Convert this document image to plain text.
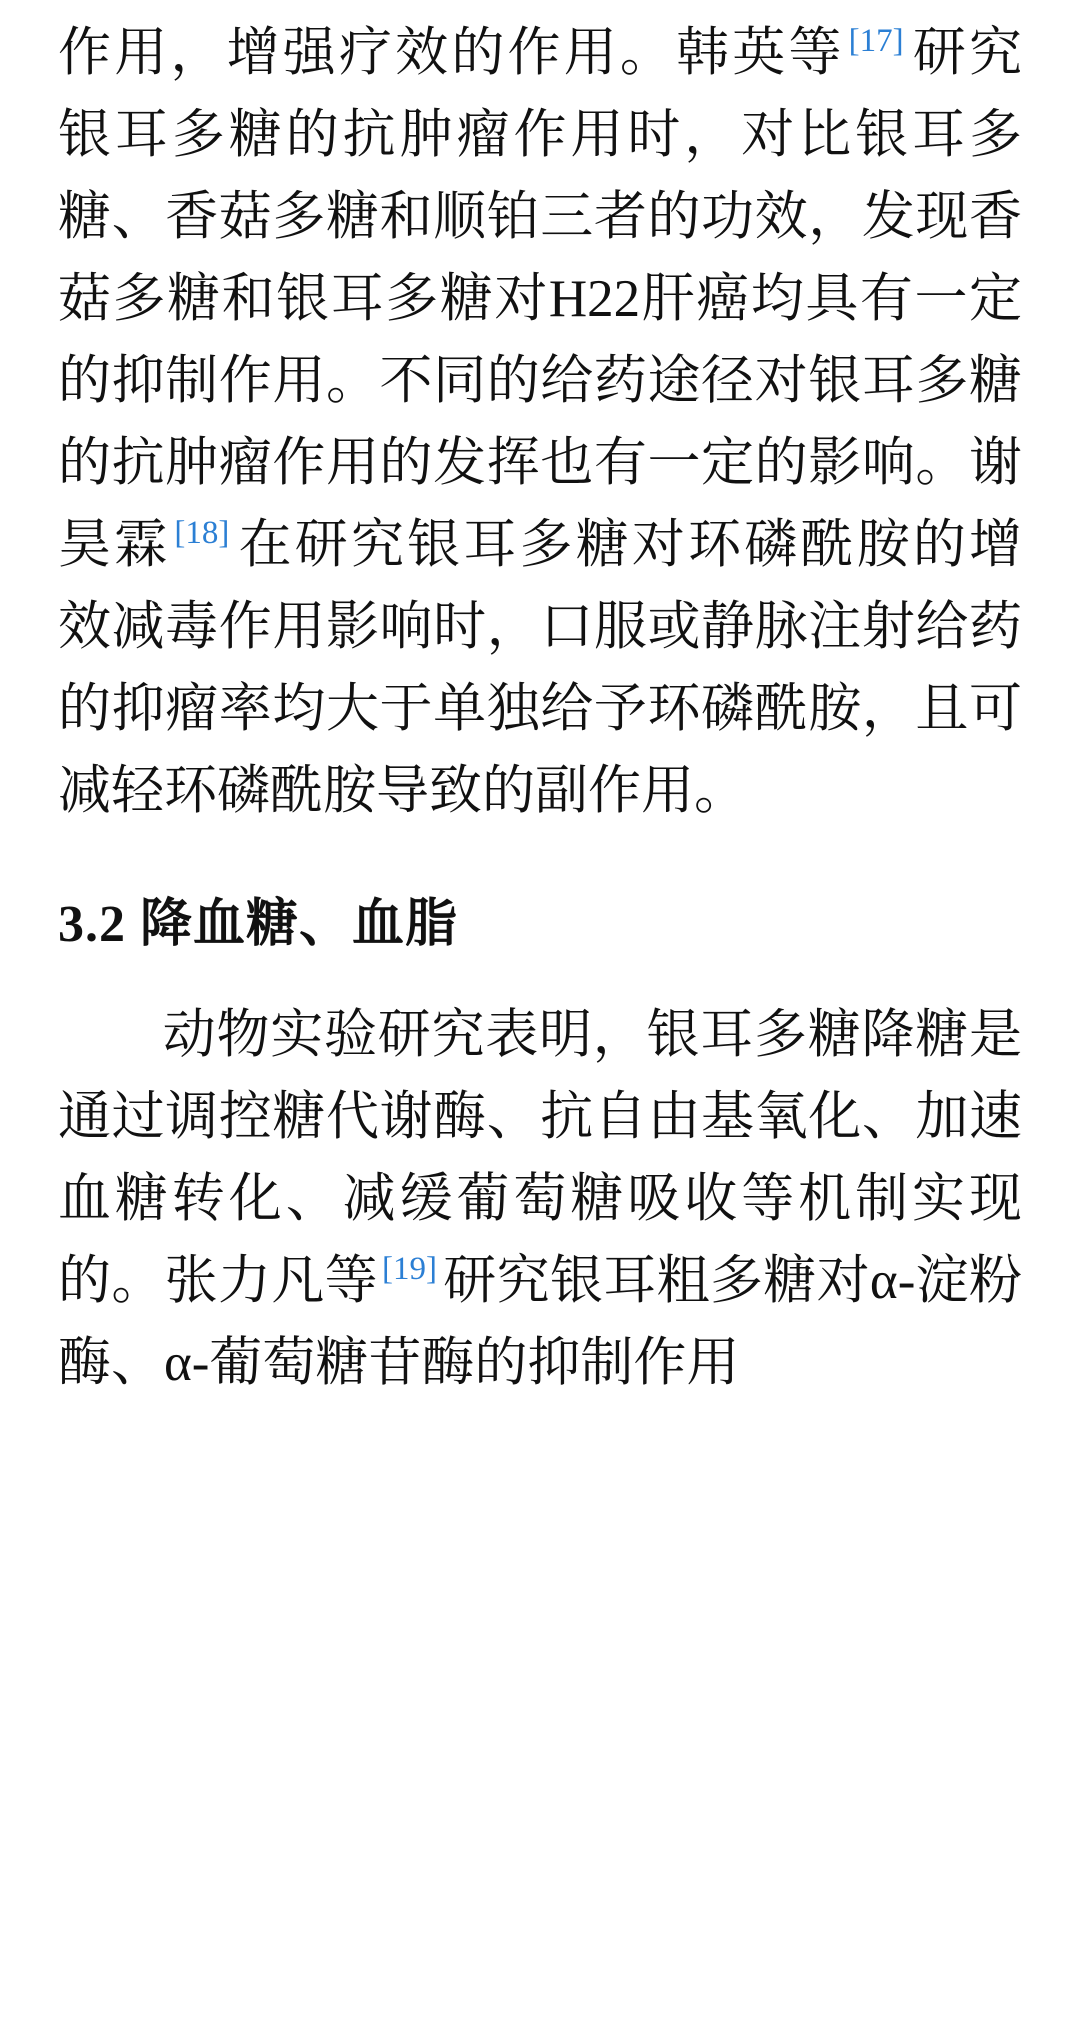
作用，增强疗效的作用。韩英等 [17] 研究银耳多糖的抗肿瘤作用时，对比银耳多糖、香菇多糖和顺铂三者的功效，发现香菇多糖和银耳多糖对H22肝癌均具有一定的抑制作用。不同的给药途径对银耳多糖的抗肿瘤作用的发挥也有一定的影响。谢昊霖 [18] 在研究银耳多糖对环磷酰胺的增效减毒作用影响时，口服或静脉注射给药的抑瘤率均大于单独给予环磷酰胺，且可减轻环磷酰胺导致的副作用。

3.2 降血糖、血脂

动物实验研究表明，银耳多糖降糖是通过调控糖代谢酶、抗自由基氧化、加速血糖转化、减缓葡萄糖吸收等机制实现的。张力凡等 [19] 研究银耳粗多糖对α-淀粉酶、α-葡萄糖苷酶的抑制作用
